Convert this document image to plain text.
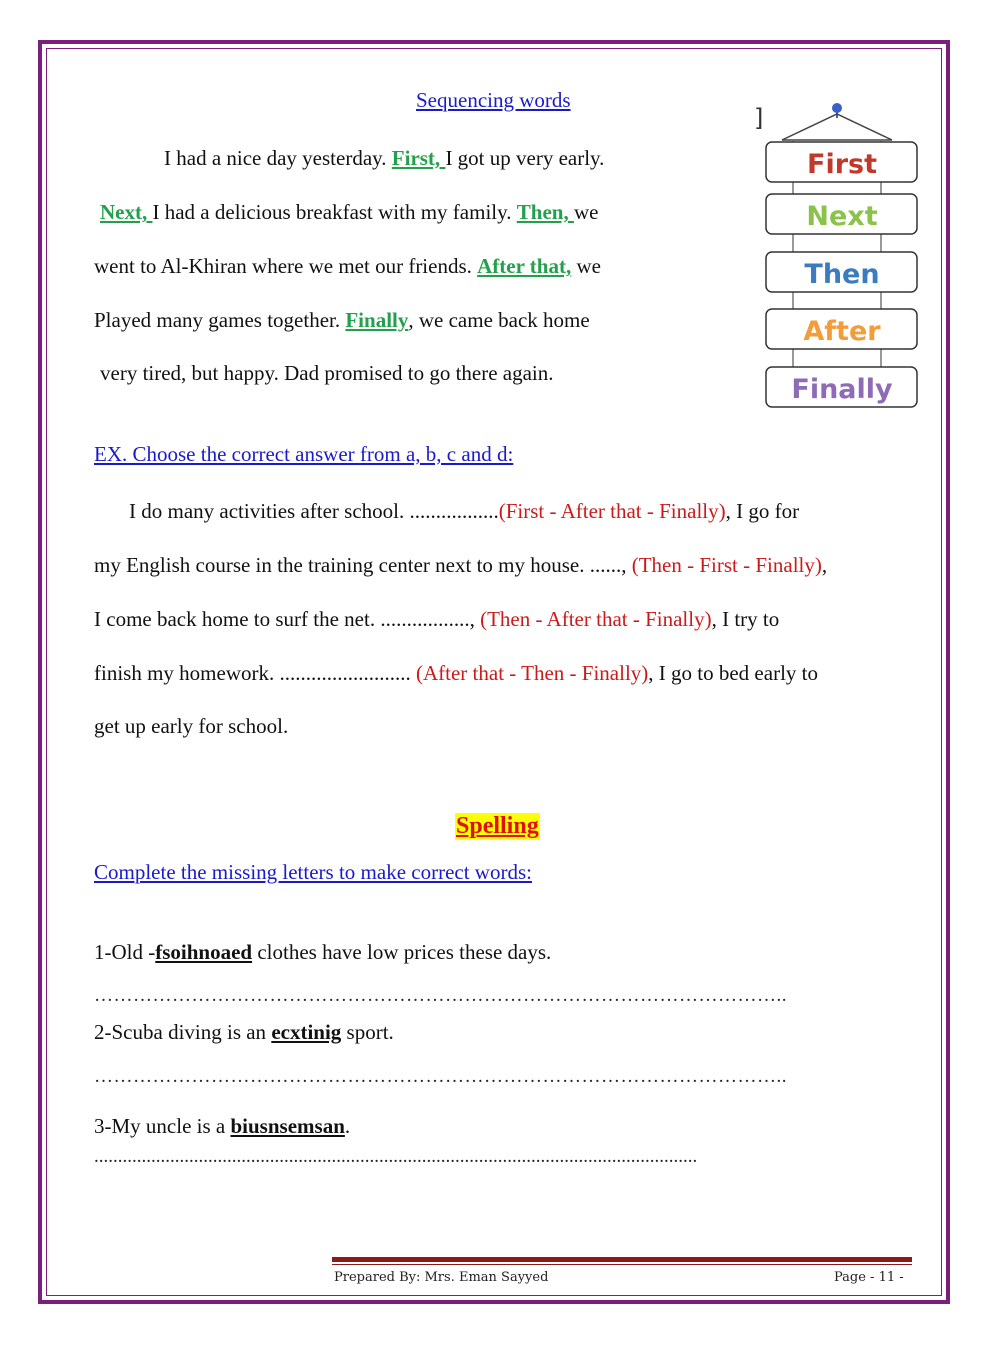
Sequencing words
I had a nice day yesterday. First, I got up very early.
Next, I had a delicious breakfast with my family. Then, we
went to Al-Khiran where we met our friends. After that, we
Played many games together. Finally, we came back home
very tired, but happy. Dad promised to go there again.
]
First
Next
Then
After
Finally
EX. Choose the correct answer from a, b, c and d:
I do many activities after school. .................(First - After that - Finally), I go for
my English course in the training center next to my house. ......, (Then - First - Finally),
I come back home to surf the net. ................., (Then - After that - Finally), I try to
finish my homework. ......................... (After that - Then - Finally), I go to bed early to
get up early for school.
Spelling
Complete the missing letters to make correct words:
1-Old -fsoihnoaed clothes have low prices these days.
……………………………………………………………………………………………..
2-Scuba diving is an ecxtinig sport.
……………………………………………………………………………………………..
3-My uncle is a biusnsemsan.
...............................................................................................................................
Prepared By: Mrs. Eman Sayyed	Page - 11 -
